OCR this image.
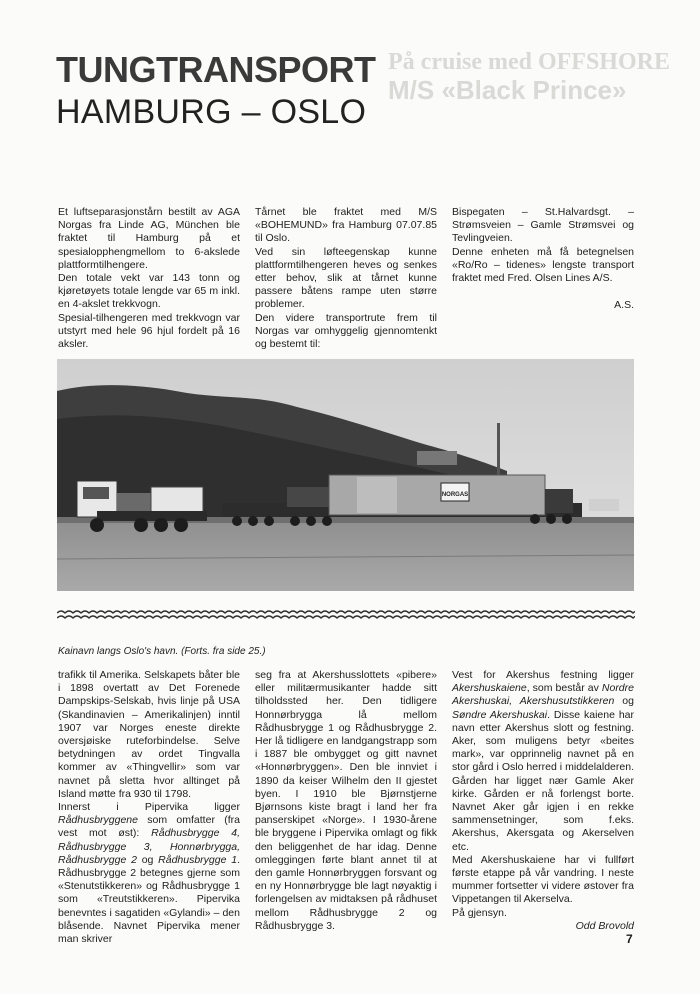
På cruise med OFFSHORE
M/S «Black Prince»
TUNGTRANSPORT
HAMBURG – OSLO

Et luftseparasjonstårn bestilt av AGA Norgas fra Linde AG, München ble fraktet til Hamburg på et spesialopphengmellom to 6-akslede plattformtilhengere.

Den totale vekt var 143 tonn og kjøretøyets totale lengde var 65 m inkl. en 4-akslet trekkvogn.

Spesial-tilhengeren med trekkvogn var utstyrt med hele 96 hjul fordelt på 16 aksler.

Tårnet ble fraktet med M/S «BOHEMUND» fra Hamburg 07.07.85 til Oslo.

Ved sin løfteegenskap kunne plattformtilhengeren heves og senkes etter behov, slik at tårnet kunne passere båtens rampe uten større problemer.

Den videre transportrute frem til Norgas var omhyggelig gjennomtenkt og bestemt til:

Bispegaten – St.Halvardsgt. – Strømsveien – Gamle Strømsvei og Tevlingveien.

Denne enheten må få betegnelsen «Ro/Ro – tidenes» lengste transport fraktet med Fred. Olsen Lines A/S.

A.S.

NORGAS
Kainavn langs Oslo's havn. (Forts. fra side 25.)

trafikk til Amerika. Selskapets båter ble i 1898 overtatt av Det Forenede Dampskips-Selskab, hvis linje på USA (Skandinavien – Amerikalinjen) inntil 1907 var Norges eneste direkte oversjøiske ruteforbindelse. Selve betydningen av ordet Tingvalla kommer av «Thingvellir» som var navnet på sletta hvor alltinget på Island møtte fra 930 til 1798.

Innerst i Pipervika ligger Rådhusbryggene som omfatter (fra vest mot øst): Rådhusbrygge 4, Rådhusbrygge 3, Honnørbrygga, Rådhusbrygge 2 og Rådhusbrygge 1. Rådhusbrygge 2 betegnes gjerne som «Stenutstikkeren» og Rådhusbrygge 1 som «Treutstikkeren». Pipervika benevntes i sagatiden «Gylandi» – den blåsende. Navnet Pipervika mener man skriver

seg fra at Akershusslottets «pibere» eller militærmusikanter hadde sitt tilholdssted her. Den tidligere Honnørbrygga lå mellom Rådhusbrygge 1 og Rådhusbrygge 2. Her lå tidligere en landgangstrapp som i 1887 ble ombygget og gitt navnet «Honnørbryggen». Den ble innviet i 1890 da keiser Wilhelm den II gjestet byen. I 1910 ble Bjørnstjerne Bjørnsons kiste bragt i land her fra panserskipet «Norge». I 1930-årene ble bryggene i Pipervika omlagt og fikk den beliggenhet de har idag. Denne omleggingen førte blant annet til at den gamle Honnørbryggen forsvant og en ny Honnørbrygge ble lagt nøyaktig i forlengelsen av midtaksen på rådhuset mellom Rådhusbrygge 2 og Rådhusbrygge 3.

Vest for Akershus festning ligger Akershuskaiene, som består av Nordre Akershuskai, Akershusutstikkeren og Søndre Akershuskai. Disse kaiene har navn etter Akershus slott og festning. Aker, som muligens betyr «beites mark», var opprinnelig navnet på en stor gård i Oslo herred i middelalderen. Gården har ligget nær Gamle Aker kirke. Gården er nå forlengst borte. Navnet Aker går igjen i en rekke sammensetninger, som f.eks. Akershus, Akersgata og Akerselven etc.

Med Akershuskaiene har vi fullført første etappe på vår vandring. I neste mummer fortsetter vi videre østover fra Vippetangen til Akerselva.

På gjensyn.

Odd Brovold

7
